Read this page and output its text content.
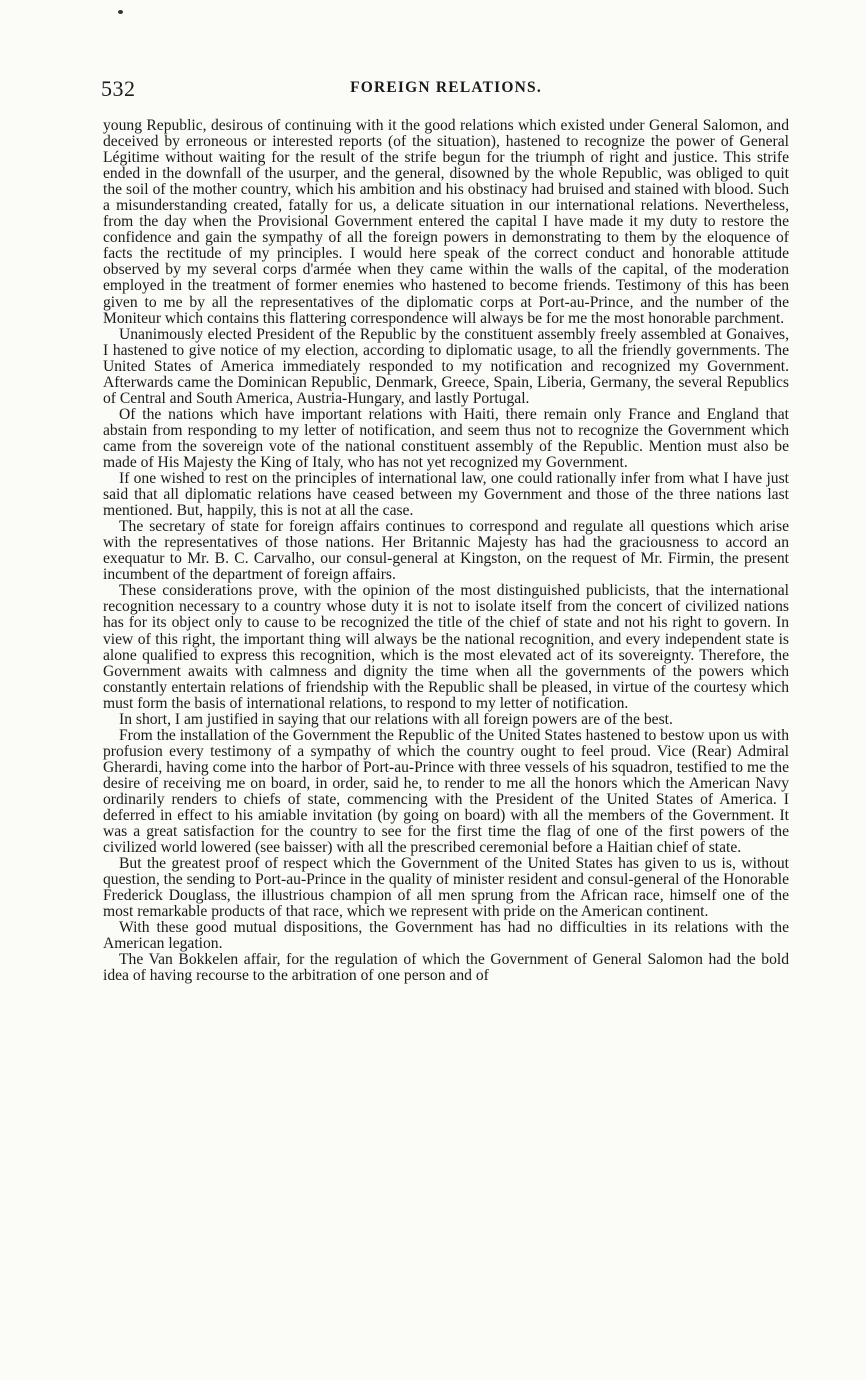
532	FOREIGN RELATIONS.

young Republic, desirous of continuing with it the good relations which existed under General Salomon, and deceived by erroneous or interested reports (of the situation), hastened to recognize the power of General Légitime without waiting for the result of the strife begun for the triumph of right and justice. This strife ended in the downfall of the usurper, and the general, disowned by the whole Republic, was obliged to quit the soil of the mother country, which his ambition and his obstinacy had bruised and stained with blood. Such a misunderstanding created, fatally for us, a delicate situation in our international relations. Nevertheless, from the day when the Provisional Government entered the capital I have made it my duty to restore the confidence and gain the sympathy of all the foreign powers in demonstrating to them by the eloquence of facts the rectitude of my principles. I would here speak of the correct conduct and honorable attitude observed by my several corps d'armée when they came within the walls of the capital, of the moderation employed in the treatment of former enemies who hastened to become friends. Testimony of this has been given to me by all the representatives of the diplomatic corps at Port-au-Prince, and the number of the Moniteur which contains this flattering correspondence will always be for me the most honorable parchment.

Unanimously elected President of the Republic by the constituent assembly freely assembled at Gonaives, I hastened to give notice of my election, according to diplomatic usage, to all the friendly governments. The United States of America immediately responded to my notification and recognized my Government. Afterwards came the Dominican Republic, Denmark, Greece, Spain, Liberia, Germany, the several Republics of Central and South America, Austria-Hungary, and lastly Portugal.

Of the nations which have important relations with Haiti, there remain only France and England that abstain from responding to my letter of notification, and seem thus not to recognize the Government which came from the sovereign vote of the national constituent assembly of the Republic. Mention must also be made of His Majesty the King of Italy, who has not yet recognized my Government.

If one wished to rest on the principles of international law, one could rationally infer from what I have just said that all diplomatic relations have ceased between my Government and those of the three nations last mentioned. But, happily, this is not at all the case.

The secretary of state for foreign affairs continues to correspond and regulate all questions which arise with the representatives of those nations. Her Britannic Majesty has had the graciousness to accord an exequatur to Mr. B. C. Carvalho, our consul-general at Kingston, on the request of Mr. Firmin, the present incumbent of the department of foreign affairs.

These considerations prove, with the opinion of the most distinguished publicists, that the international recognition necessary to a country whose duty it is not to isolate itself from the concert of civilized nations has for its object only to cause to be recognized the title of the chief of state and not his right to govern. In view of this right, the important thing will always be the national recognition, and every independent state is alone qualified to express this recognition, which is the most elevated act of its sovereignty. Therefore, the Government awaits with calmness and dignity the time when all the governments of the powers which constantly entertain relations of friendship with the Republic shall be pleased, in virtue of the courtesy which must form the basis of international relations, to respond to my letter of notification.

In short, I am justified in saying that our relations with all foreign powers are of the best.

From the installation of the Government the Republic of the United States hastened to bestow upon us with profusion every testimony of a sympathy of which the country ought to feel proud. Vice (Rear) Admiral Gherardi, having come into the harbor of Port-au-Prince with three vessels of his squadron, testified to me the desire of receiving me on board, in order, said he, to render to me all the honors which the American Navy ordinarily renders to chiefs of state, commencing with the President of the United States of America. I deferred in effect to his amiable invitation (by going on board) with all the members of the Government. It was a great satisfaction for the country to see for the first time the flag of one of the first powers of the civilized world lowered (see baisser) with all the prescribed ceremonial before a Haitian chief of state.

But the greatest proof of respect which the Government of the United States has given to us is, without question, the sending to Port-au-Prince in the quality of minister resident and consul-general of the Honorable Frederick Douglass, the illustrious champion of all men sprung from the African race, himself one of the most remarkable products of that race, which we represent with pride on the American continent.

With these good mutual dispositions, the Government has had no difficulties in its relations with the American legation.

The Van Bokkelen affair, for the regulation of which the Government of General Salomon had the bold idea of having recourse to the arbitration of one person and of
